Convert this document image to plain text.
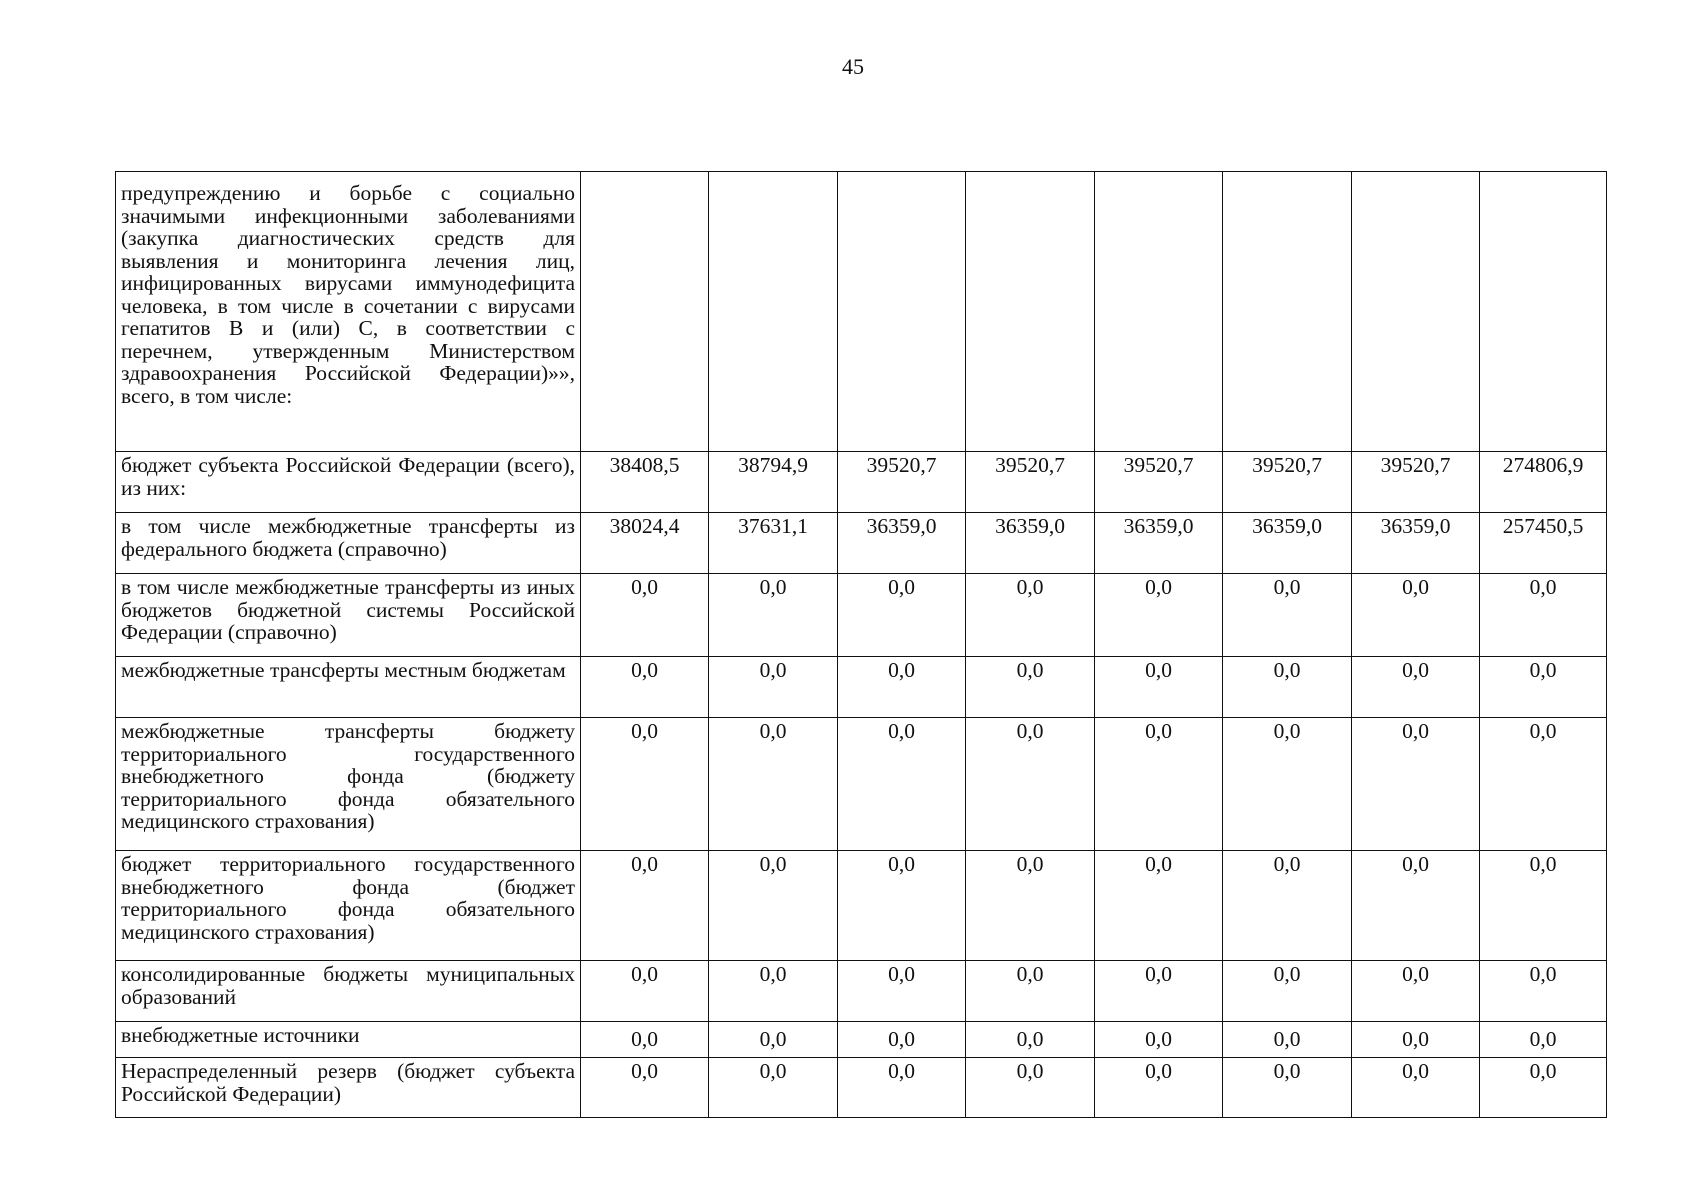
45
предупреждению и борьбе с социально значимыми инфекционными заболеваниями (закупка диагностических средств для выявления и мониторинга лечения лиц, инфицированных вирусами иммунодефицита человека, в том числе в сочетании с вирусами гепатитов B и (или) C, в соответствии с перечнем, утвержденным Министерством здравоохранения Российской Федерации)»», всего, в том числе:								
бюджет субъекта Российской Федерации (всего), из них:	38408,5	38794,9	39520,7	39520,7	39520,7	39520,7	39520,7	274806,9
в том числе межбюджетные трансферты из федерального бюджета (справочно)	38024,4	37631,1	36359,0	36359,0	36359,0	36359,0	36359,0	257450,5
в том числе межбюджетные трансферты из иных бюджетов бюджетной системы Российской Федерации (справочно)	0,0	0,0	0,0	0,0	0,0	0,0	0,0	0,0
межбюджетные трансферты местным бюджетам	0,0	0,0	0,0	0,0	0,0	0,0	0,0	0,0
межбюджетные трансферты бюджету территориального государственного внебюджетного фонда (бюджету территориального фонда обязательного медицинского страхования)	0,0	0,0	0,0	0,0	0,0	0,0	0,0	0,0
бюджет территориального государственного внебюджетного фонда (бюджет территориального фонда обязательного медицинского страхования)	0,0	0,0	0,0	0,0	0,0	0,0	0,0	0,0
консолидированные бюджеты муниципальных образований	0,0	0,0	0,0	0,0	0,0	0,0	0,0	0,0
внебюджетные источники	0,0	0,0	0,0	0,0	0,0	0,0	0,0	0,0
Нераспределенный резерв (бюджет субъекта Российской Федерации)	0,0	0,0	0,0	0,0	0,0	0,0	0,0	0,0
